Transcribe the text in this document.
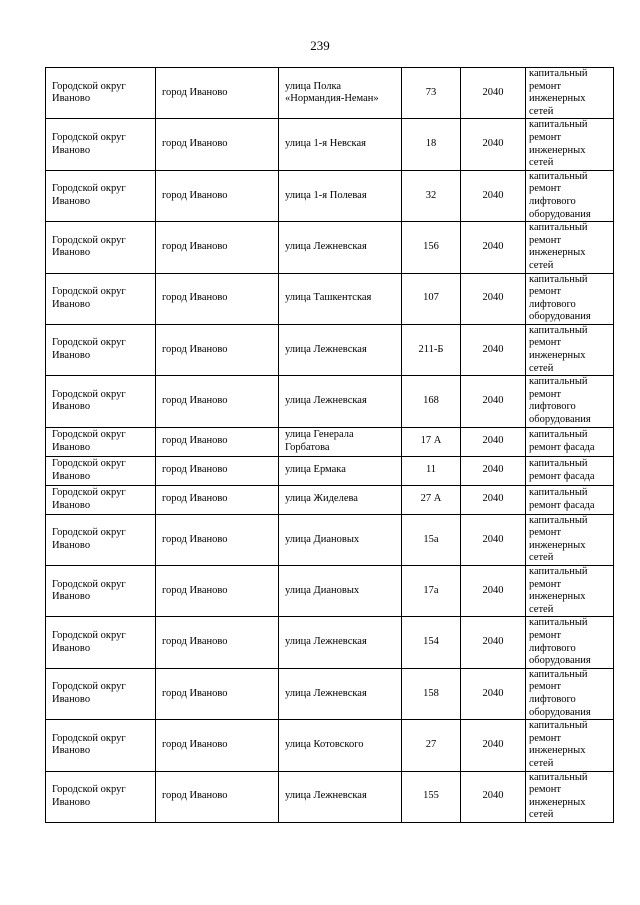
239
Городской округ Иваново	город Иваново	улица Полка «Нормандия-Неман»	73	2040	капитальный ремонт инженерных сетей
Городской округ Иваново	город Иваново	улица 1-я Невская	18	2040	капитальный ремонт инженерных сетей
Городской округ Иваново	город Иваново	улица 1-я Полевая	32	2040	капитальный ремонт лифтового оборудования
Городской округ Иваново	город Иваново	улица Лежневская	156	2040	капитальный ремонт инженерных сетей
Городской округ Иваново	город Иваново	улица Ташкентская	107	2040	капитальный ремонт лифтового оборудования
Городской округ Иваново	город Иваново	улица Лежневская	211-Б	2040	капитальный ремонт инженерных сетей
Городской округ Иваново	город Иваново	улица Лежневская	168	2040	капитальный ремонт лифтового оборудования
Городской округ Иваново	город Иваново	улица Генерала Горбатова	17 А	2040	капитальный ремонт фасада
Городской округ Иваново	город Иваново	улица Ермака	11	2040	капитальный ремонт фасада
Городской округ Иваново	город Иваново	улица Жиделева	27 А	2040	капитальный ремонт фасада
Городской округ Иваново	город Иваново	улица Диановых	15а	2040	капитальный ремонт инженерных сетей
Городской округ Иваново	город Иваново	улица Диановых	17а	2040	капитальный ремонт инженерных сетей
Городской округ Иваново	город Иваново	улица Лежневская	154	2040	капитальный ремонт лифтового оборудования
Городской округ Иваново	город Иваново	улица Лежневская	158	2040	капитальный ремонт лифтового оборудования
Городской округ Иваново	город Иваново	улица Котовского	27	2040	капитальный ремонт инженерных сетей
Городской округ Иваново	город Иваново	улица Лежневская	155	2040	капитальный ремонт инженерных сетей
